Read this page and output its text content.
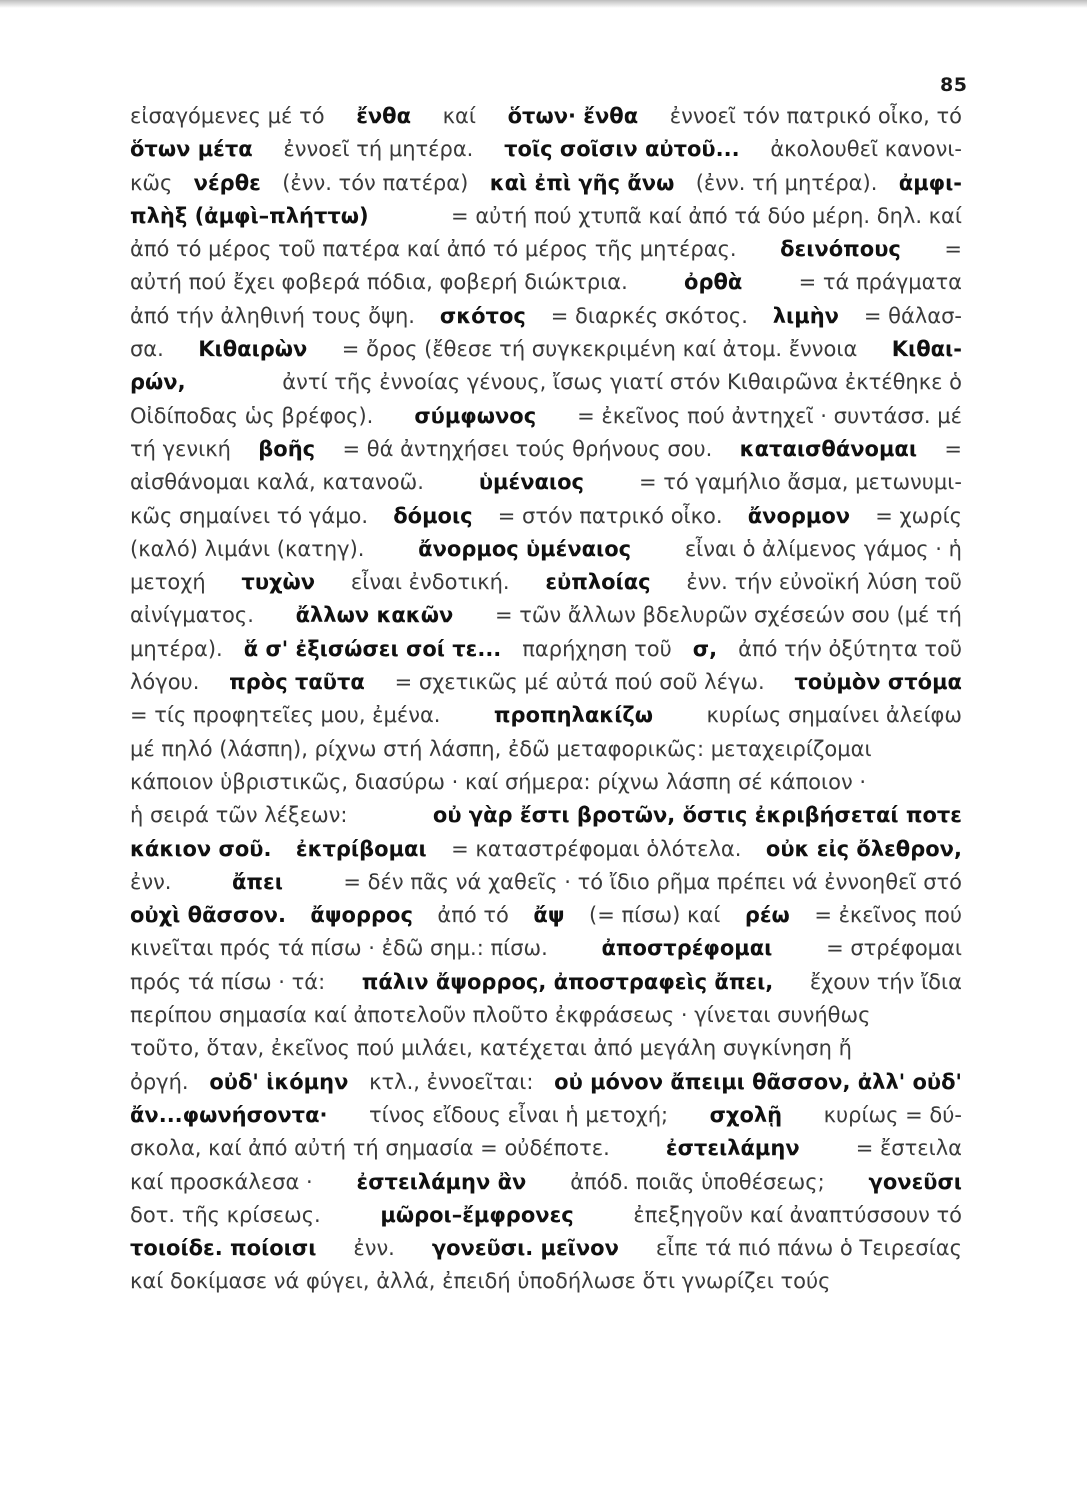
85
εἰσαγόμενες μέ τό ἔνθα καί ὅτων· ἔνθα ἐννοεῖ τόν πατρικό οἶκο, τό
ὅτων μέτα ἐννοεῖ τή μητέρα. τοῖς σοῖσιν αὐτοῦ... ἀκολουθεῖ κανονι-
κῶς νέρθε (ἐνν. τόν πατέρα) καὶ ἐπὶ γῆς ἄνω (ἐνν. τή μητέρα). ἀμφι-
πλὴξ (ἀμφὶ–πλήττω)	= αὐτή πού χτυπᾶ καί ἀπό τά δύο μέρη. δηλ. καί
ἀπό τό μέρος τοῦ πατέρα καί ἀπό τό μέρος τῆς μητέρας. δεινόπους =
αὐτή πού ἔχει φοβερά πόδια, φοβερή διώκτρια.	ὀρθὰ	= τά πράγματα
ἀπό τήν ἀληθινή τους ὄψη. σκότος = διαρκές σκότος. λιμὴν = θάλασ-
σα. Κιθαιρὼν = ὄρος (ἔθεσε τή συγκεκριμένη καί ἀτομ. ἔννοια Κιθαι-
ρών,	ἀντί τῆς ἐννοίας γένους, ἴσως γιατί στόν Κιθαιρῶνα ἐκτέθηκε ὁ
Οἰδίποδας ὡς βρέφος). σύμφωνος = ἐκεῖνος πού ἀντηχεῖ · συντάσσ. μέ
τή γενική βοῆς = θά ἀντηχήσει τούς θρήνους σου. καταισθάνομαι =
αἰσθάνομαι καλά, κατανοῶ.	ὑμέναιος	= τό γαμήλιο ἄσμα, μετωνυμι-
κῶς σημαίνει τό γάμο. δόμοις = στόν πατρικό οἶκο. ἄνορμον = χωρίς
(καλό) λιμάνι (κατηγ).	ἄνορμος ὑμέναιος	εἶναι ὁ ἀλίμενος γάμος · ἡ
μετοχή τυχὼν εἶναι ἐνδοτική. εὐπλοίας ἐνν. τήν εὐνοϊκή λύση τοῦ
αἰνίγματος. ἄλλων κακῶν = τῶν ἄλλων βδελυρῶν σχέσεών σου (μέ τή
μητέρα). ἅ σ' ἐξισώσει σοί τε... παρήχηση τοῦ σ, ἀπό τήν ὀξύτητα τοῦ
λόγου. πρὸς ταῦτα = σχετικῶς μέ αὐτά πού σοῦ λέγω. τοὐμὸν στόμα
= τίς προφητεῖες μου, ἐμένα.	προπηλακίζω	κυρίως σημαίνει ἀλείφω
μέ πηλό (λάσπη), ρίχνω στή λάσπη, ἐδῶ μεταφορικῶς: μεταχειρίζομαι
κάποιον ὑβριστικῶς, διασύρω · καί σήμερα: ρίχνω λάσπη σέ κάποιον ·
ἡ σειρά τῶν λέξεων:	οὐ γὰρ ἔστι βροτῶν, ὅστις ἐκριβήσεταί ποτε
κάκιον σοῦ. ἐκτρίβομαι = καταστρέφομαι ὁλότελα. οὐκ εἰς ὄλεθρον,
ἐνν.	ἄπει	= δέν πᾶς νά χαθεῖς · τό ἴδιο ρῆμα πρέπει νά ἐννοηθεῖ στό
οὐχὶ θᾶσσον. ἄψορρος ἀπό τό ἄψ (= πίσω) καί ρέω = ἐκεῖνος πού
κινεῖται πρός τά πίσω · ἐδῶ σημ.: πίσω.	ἀποστρέφομαι	= στρέφομαι
πρός τά πίσω · τά: πάλιν ἄψορρος, ἀποστραφεὶς ἄπει, ἔχουν τήν ἴδια
περίπου σημασία καί ἀποτελοῦν πλοῦτο ἐκφράσεως · γίνεται συνήθως
τοῦτο, ὅταν, ἐκεῖνος πού μιλάει, κατέχεται ἀπό μεγάλη συγκίνηση ἤ
ὀργή. οὐδ' ἱκόμην κτλ., ἐννοεῖται: οὐ μόνον ἄπειμι θᾶσσον, ἀλλ' οὐδ'
ἄν...φωνήσοντα· τίνος εἴδους εἶναι ἡ μετοχή; σχολῇ κυρίως = δύ-
σκολα, καί ἀπό αὐτή τή σημασία = οὐδέποτε.	ἐστειλάμην	= ἔστειλα
καί προσκάλεσα · ἐστειλάμην ἂν ἀπόδ. ποιᾶς ὑποθέσεως; γονεῦσι
δοτ. τῆς κρίσεως.	μῶροι–ἔμφρονες	ἐπεξηγοῦν καί ἀναπτύσσουν τό
τοιοίδε. ποίοισι ἐνν. γονεῦσι. μεῖνον εἶπε τά πιό πάνω ὁ Τειρεσίας
καί δοκίμασε νά φύγει, ἀλλά, ἐπειδή ὑποδήλωσε ὅτι γνωρίζει τούς
